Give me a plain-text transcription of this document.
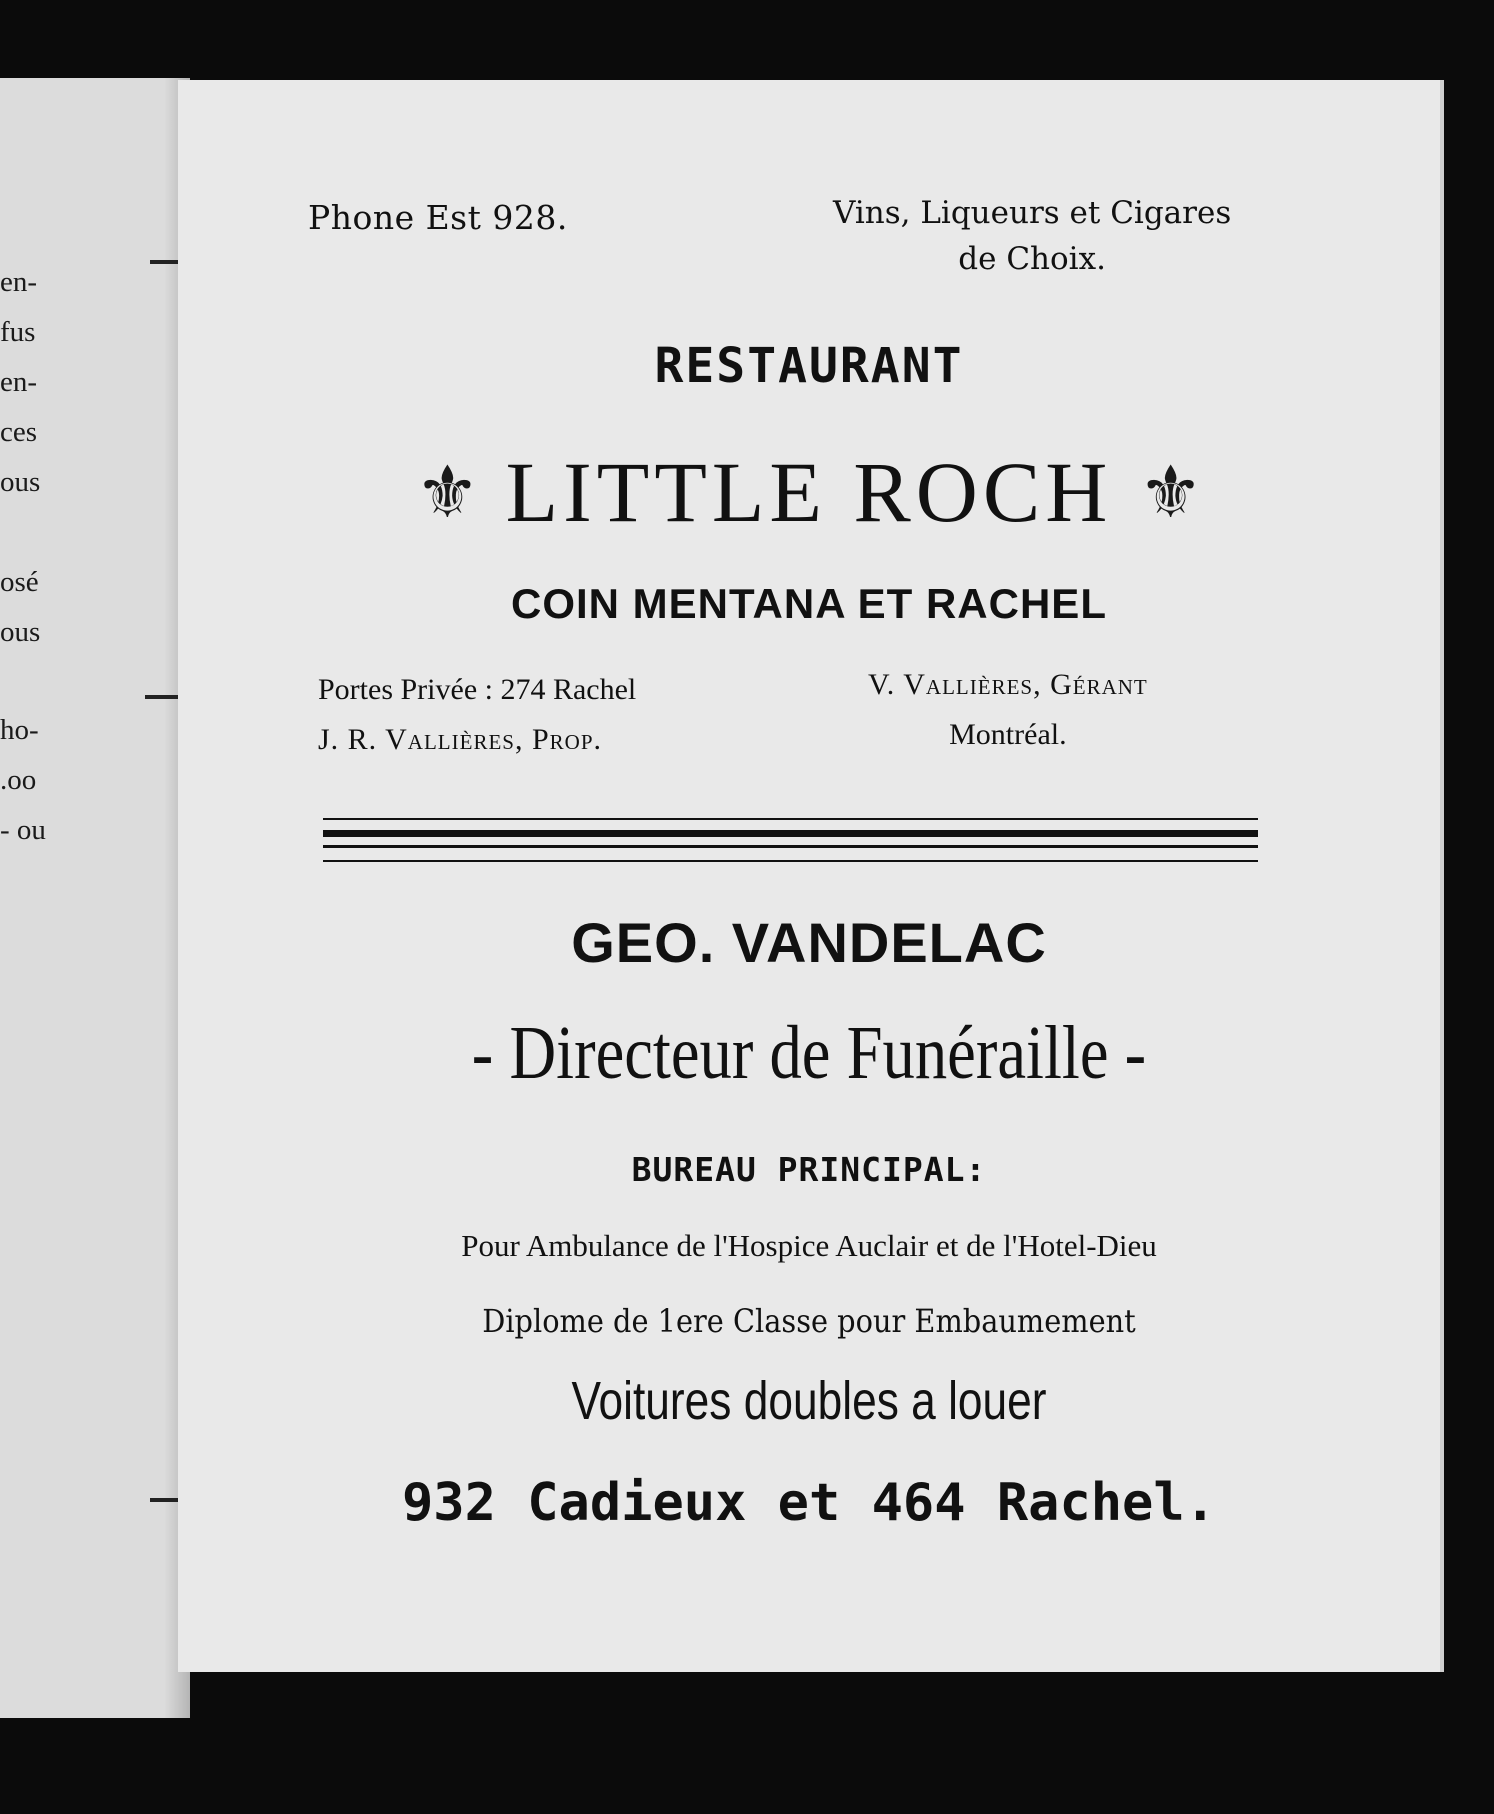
en-
fus
en-
ces
ous
osé
ous
ho-
.oo
- ou
Phone Est 928.	Vins, Liqueurs et Cigares
de Choix.
RESTAURANT
⚜ LITTLE ROCH ⚜
COIN MENTANA ET RACHEL
Portes Privée : 274 Rachel
J. R. Vallières, Prop.
V. Vallières, Gérant
Montréal.
GEO. VANDELAC
- Directeur de Funéraille -
BUREAU PRINCIPAL:
Pour Ambulance de l'Hospice Auclair et de l'Hotel-Dieu
Diplome de 1ere Classe pour Embaumement
Voitures doubles a louer
932 Cadieux et 464 Rachel.
